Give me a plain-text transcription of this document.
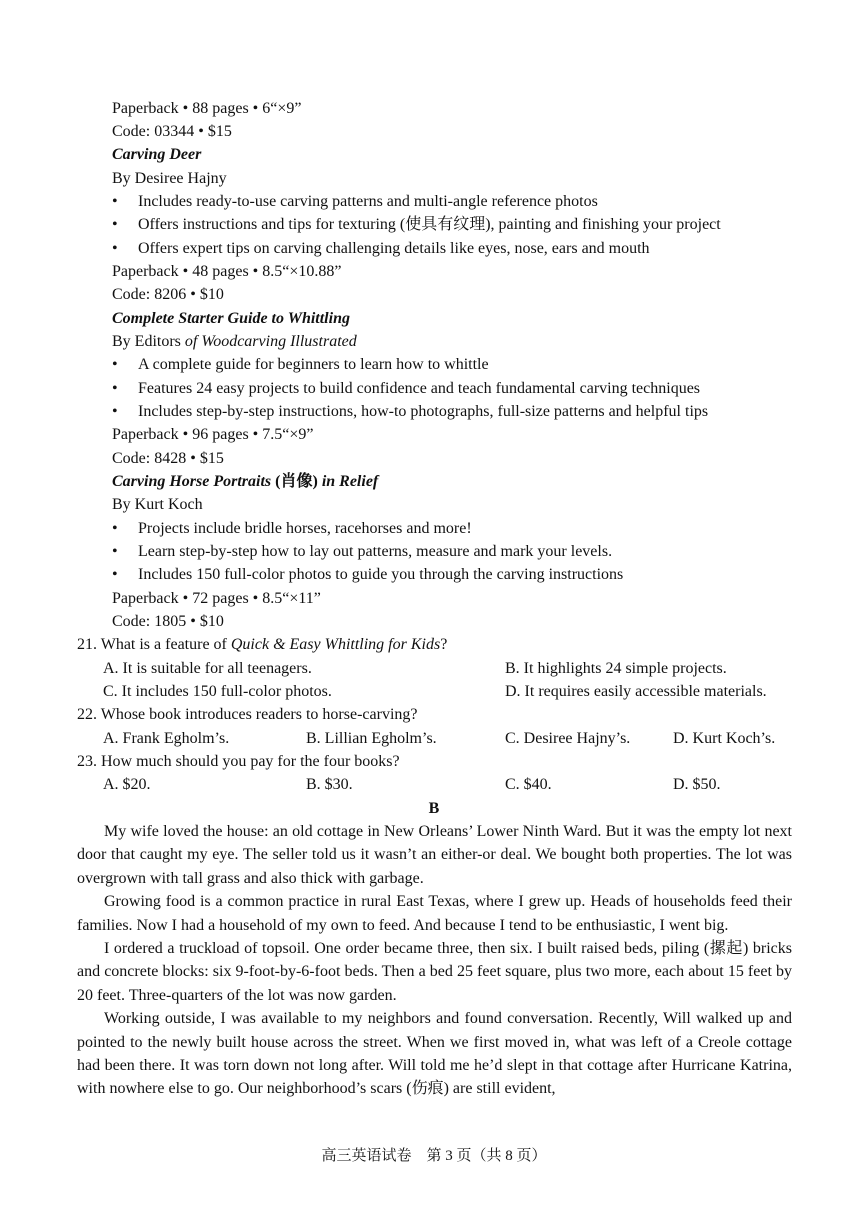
Paperback • 88 pages • 6“×9”
Code: 03344 • $15
Carving Deer
By Desiree Hajny
• Includes ready-to-use carving patterns and multi-angle reference photos
• Offers instructions and tips for texturing (使具有纹理), painting and finishing your project
• Offers expert tips on carving challenging details like eyes, nose, ears and mouth
Paperback • 48 pages • 8.5“×10.88”
Code: 8206 • $10
Complete Starter Guide to Whittling
By Editors of Woodcarving Illustrated
• A complete guide for beginners to learn how to whittle
• Features 24 easy projects to build confidence and teach fundamental carving techniques
• Includes step-by-step instructions, how-to photographs, full-size patterns and helpful tips
Paperback • 96 pages • 7.5“×9”
Code: 8428 • $15
Carving Horse Portraits (肖像) in Relief
By Kurt Koch
• Projects include bridle horses, racehorses and more!
• Learn step-by-step how to lay out patterns, measure and mark your levels.
• Includes 150 full-color photos to guide you through the carving instructions
Paperback • 72 pages • 8.5“×11”
Code: 1805 • $10
21. What is a feature of Quick & Easy Whittling for Kids?
A. It is suitable for all teenagers.	B. It highlights 24 simple projects.
C. It includes 150 full-color photos.	D. It requires easily accessible materials.
22. Whose book introduces readers to horse-carving?
A. Frank Egholm’s.	B. Lillian Egholm’s.	C. Desiree Hajny’s.	D. Kurt Koch’s.
23. How much should you pay for the four books?
A. $20.	B. $30.	C. $40.	D. $50.
B

My wife loved the house: an old cottage in New Orleans’ Lower Ninth Ward. But it was the empty lot next door that caught my eye. The seller told us it wasn’t an either-or deal. We bought both properties. The lot was overgrown with tall grass and also thick with garbage.

Growing food is a common practice in rural East Texas, where I grew up. Heads of households feed their families. Now I had a household of my own to feed. And because I tend to be enthusiastic, I went big.

I ordered a truckload of topsoil. One order became three, then six. I built raised beds, piling (摞起) bricks and concrete blocks: six 9-foot-by-6-foot beds. Then a bed 25 feet square, plus two more, each about 15 feet by 20 feet. Three-quarters of the lot was now garden.

Working outside, I was available to my neighbors and found conversation. Recently, Will walked up and pointed to the newly built house across the street. When we first moved in, what was left of a Creole cottage had been there. It was torn down not long after. Will told me he’d slept in that cottage after Hurricane Katrina, with nowhere else to go. Our neighborhood’s scars (伤痕) are still evident,

高三英语试卷　第 3 页（共 8 页）
